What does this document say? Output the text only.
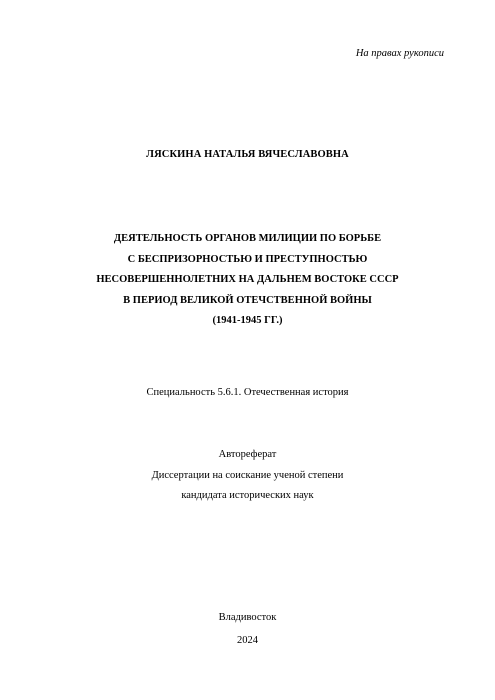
На правах рукописи
ЛЯСКИНА НАТАЛЬЯ ВЯЧЕСЛАВОВНА
ДЕЯТЕЛЬНОСТЬ ОРГАНОВ МИЛИЦИИ ПО БОРЬБЕ
С БЕСПРИЗОРНОСТЬЮ И ПРЕСТУПНОСТЬЮ
НЕСОВЕРШЕННОЛЕТНИХ НА ДАЛЬНЕМ ВОСТОКЕ СССР
В ПЕРИОД ВЕЛИКОЙ ОТЕЧСТВЕННОЙ ВОЙНЫ
(1941-1945 ГГ.)
Специальность 5.6.1. Отечественная история
Автореферат
Диссертации на соискание ученой степени
кандидата исторических наук
Владивосток
2024
